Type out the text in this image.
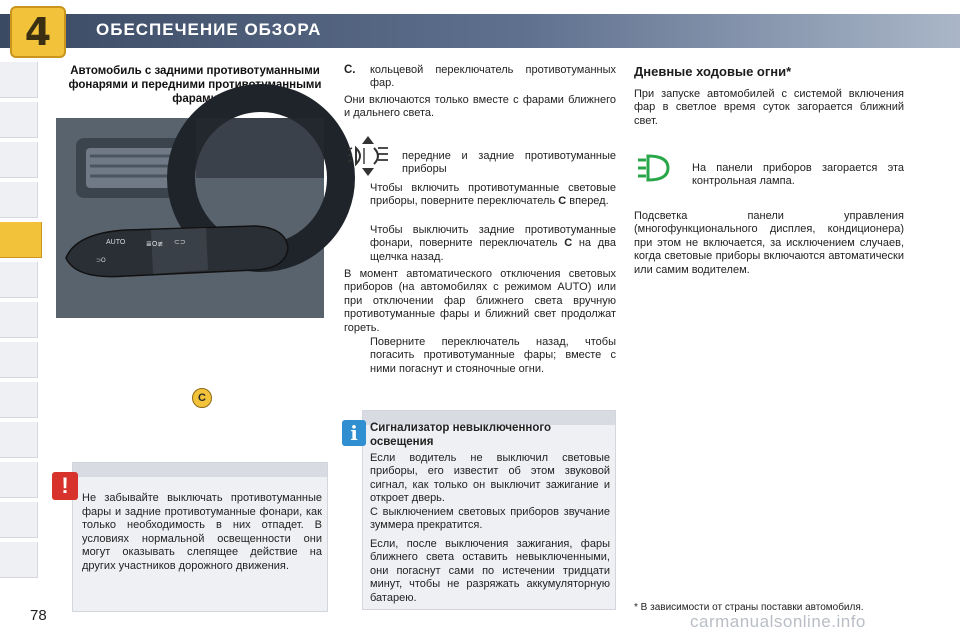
4	ОБЕСПЕЧЕНИЕ ОБЗОРА
Автомобиль с задними противотуманными фонарями и передними противотуманными фарами
AUTO
⊃O
≣O≢ ⊂⊃
C
!	Не забывайте выключать противотуманные фары и задние противотуманные фонари, как только необходимость в них отпадет. В условиях нормальной освещенности они могут оказывать слепящее действие на других участников дорожного движения.
78
C. кольцевой переключатель противотуманных фар.
Они включаются только вместе с фарами ближнего и дальнего света.
передние и задние противотуманные приборы
Чтобы включить противотуманные световые приборы, поверните переключатель C вперед.
Чтобы выключить задние противотуманные фонари, поверните переключатель C на два щелчка назад.
В момент автоматического отключения световых приборов (на автомобилях с режимом AUTO) или при отключении фар ближнего света вручную противотуманные фары и ближний свет продолжат гореть.
Поверните переключатель назад, чтобы погасить противотуманные фары; вместе с ними погаснут и стояночные огни.
i	Сигнализатор невыключенного освещения
Если водитель не выключил световые приборы, его известит об этом звуковой сигнал, как только он выключит зажигание и откроет дверь.
С выключением световых приборов звучание зуммера прекратится.
Если, после выключения зажигания, фары ближнего света оставить невыключенными, они погаснут сами по истечении тридцати минут, чтобы не разряжать аккумуляторную батарею.
Дневные ходовые огни*
При запуске автомобилей с системой включения фар в светлое время суток загорается ближний свет.
На панели приборов загорается эта контрольная лампа.
Подсветка панели управления (многофункционального дисплея, кондиционера) при этом не включается, за исключением случаев, когда световые приборы включаются автоматически или самим водителем.
* В зависимости от страны поставки автомобиля.
carmanualsonline.info
